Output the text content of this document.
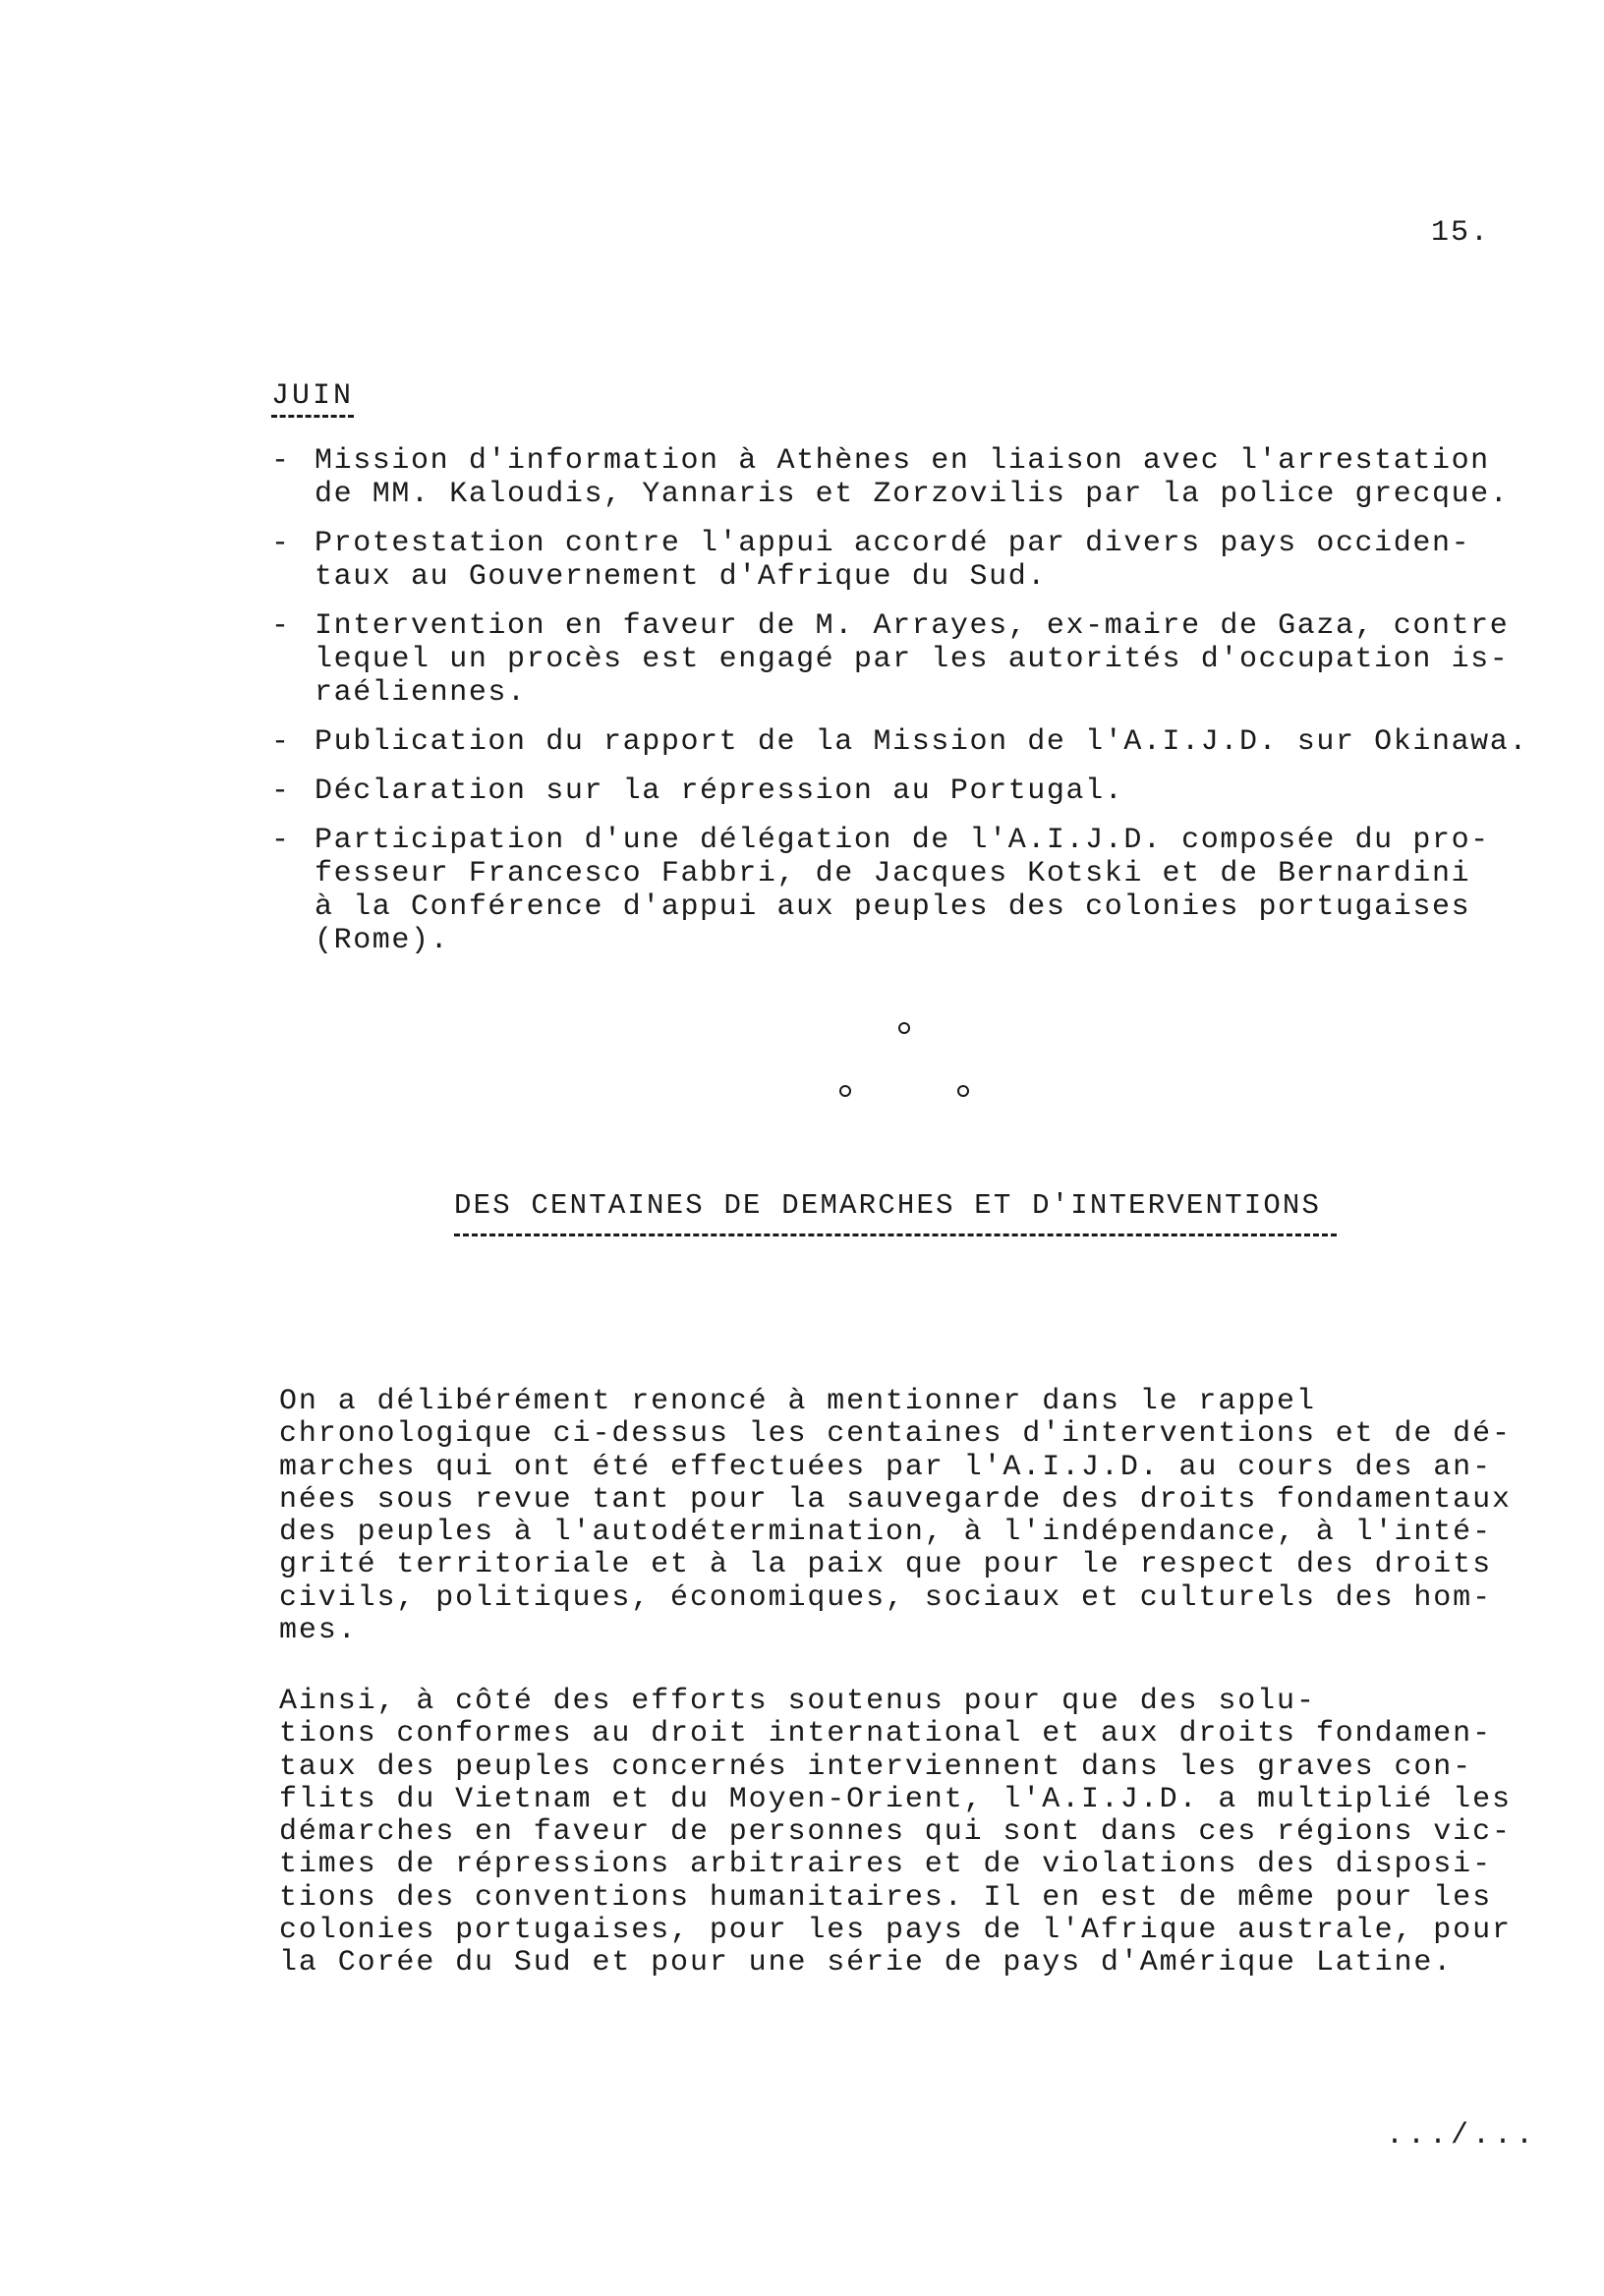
15.
JUIN
- Mission d'information à Athènes en liaison avec l'arrestation
de MM. Kaloudis, Yannaris et Zorzovilis par la police grecque.
- Protestation contre l'appui accordé par divers pays occiden-
taux au Gouvernement d'Afrique du Sud.
- Intervention en faveur de M. Arrayes, ex-maire de Gaza, contre
lequel un procès est engagé par les autorités d'occupation is-
raéliennes.
- Publication du rapport de la Mission de l'A.I.J.D. sur Okinawa.
- Déclaration sur la répression au Portugal.
- Participation d'une délégation de l'A.I.J.D. composée du pro-
fesseur Francesco Fabbri, de Jacques Kotski et de Bernardini
à la Conférence d'appui aux peuples des colonies portugaises
(Rome).
DES CENTAINES DE DEMARCHES ET D'INTERVENTIONS

On a délibérément renoncé à mentionner dans le rappel
chronologique ci-dessus les centaines d'interventions et de dé-
marches qui ont été effectuées par l'A.I.J.D. au cours des an-
nées sous revue tant pour la sauvegarde des droits fondamentaux
des peuples à l'autodétermination, à l'indépendance, à l'inté-
grité territoriale et à la paix que pour le respect des droits
civils, politiques, économiques, sociaux et culturels des hom-
mes.

Ainsi, à côté des efforts soutenus pour que des solu-
tions conformes au droit international et aux droits fondamen-
taux des peuples concernés interviennent dans les graves con-
flits du Vietnam et du Moyen-Orient, l'A.I.J.D. a multiplié les
démarches en faveur de personnes qui sont dans ces régions vic-
times de répressions arbitraires et de violations des disposi-
tions des conventions humanitaires. Il en est de même pour les
colonies portugaises, pour les pays de l'Afrique australe, pour
la Corée du Sud et pour une série de pays d'Amérique Latine.

.../...
